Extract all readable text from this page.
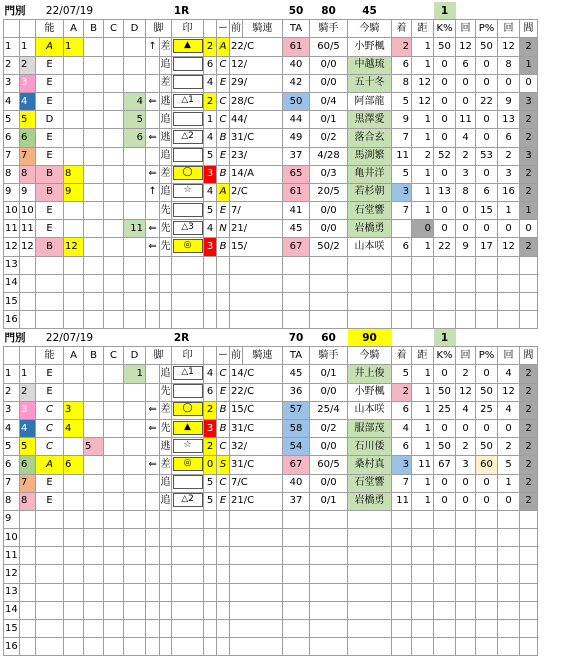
門別		22/07/19						1R						50	80	45			1					
		能	A	B	C	D	脚		印		ー	前	騎連	TA	騎手	今騎	着	距	K%	回	P%	回	閻	
1	1	A	1				↑	差	▲	2	A	22/C		61	60/5	小野楓	2	1	50	12	50	12	2	
2	2	E						追		6	C	12/		40	0/0	中越琉	6	1	0	6	0	8	1	
3	3	E						差		4	E	29/		42	0/0	五十冬	8	12	0	0	0	0	0	
4	4	E				4	⇐	逃	△1	2	C	28/C		50	0/4	阿部龍	5	12	0	0	22	9	3	
5	5	D				5		追		1	C	44/		44	0/1	黒澤愛	9	1	0	11	0	13	2	
6	6	E				6	⇐	逃	△2	4	B	31/C		49	0/2	落合玄	7	1	0	4	0	6	2	
7	7	E						追		5	E	23/		37	4/28	馬渕繁	11	2	52	2	53	2	3	
8	8	B	8				⇐	差	◯	3	B	14/A		65	0/3	亀井洋	5	1	0	3	0	3	2	
9	9	B	9				↑	追	☆	4	A	2/C		61	20/5	若杉朝	3	1	13	8	6	16	2	
10	10	E						先		5	E	7/		41	0/0	石堂響	7	1	0	0	15	1	1	
11	11	E				11	⇐	先	△3	4	N	21/		45	0/0	岩橋勇		0	0	0	0	0	0	
12	12	B	12				⇐	先	◎	3	B	15/		67	50/2	山本咲	6	1	22	9	17	12	2	
13																								
14																								
15																								
16																								
門別		22/07/19						2R						70	60	90			1					
		能	A	B	C	D	脚		印		ー	前	騎連	TA	騎手	今騎	着	距	K%	回	P%	回	閻	
1	1	E				1		追	△1	4	C	14/C		45	0/1	井上俊	5	1	0	2	0	4	2	
2	2	E						先		6	E	22/C		36	0/0	小野楓	2	1	50	12	50	12	2	
3	3	C	3				⇐	差	◯	2	B	15/C		57	25/4	山本咲	6	1	25	4	25	4	2	
4	4	C	4				⇐	先	▲	3	B	31/C		58	0/2	服部茂	4	1	0	0	0	0	2	
5	5	C		5				逃	☆	2	C	32/		54	0/0	石川倭	6	1	50	2	50	2	2	
6	6	A	6				⇐	差	◎	0	S	31/C		67	60/5	桑村真	3	11	67	3	60	5	2	
7	7	E						追		5	C	7/C		40	0/0	石堂響	7	1	0	0	0	1	2	
8	8	E						追	△2	5	E	21/C		37	0/1	岩橋勇	11	1	0	0	0	0	2	
9																								
10																								
11																								
12																								
13																								
14																								
15																								
16																								
